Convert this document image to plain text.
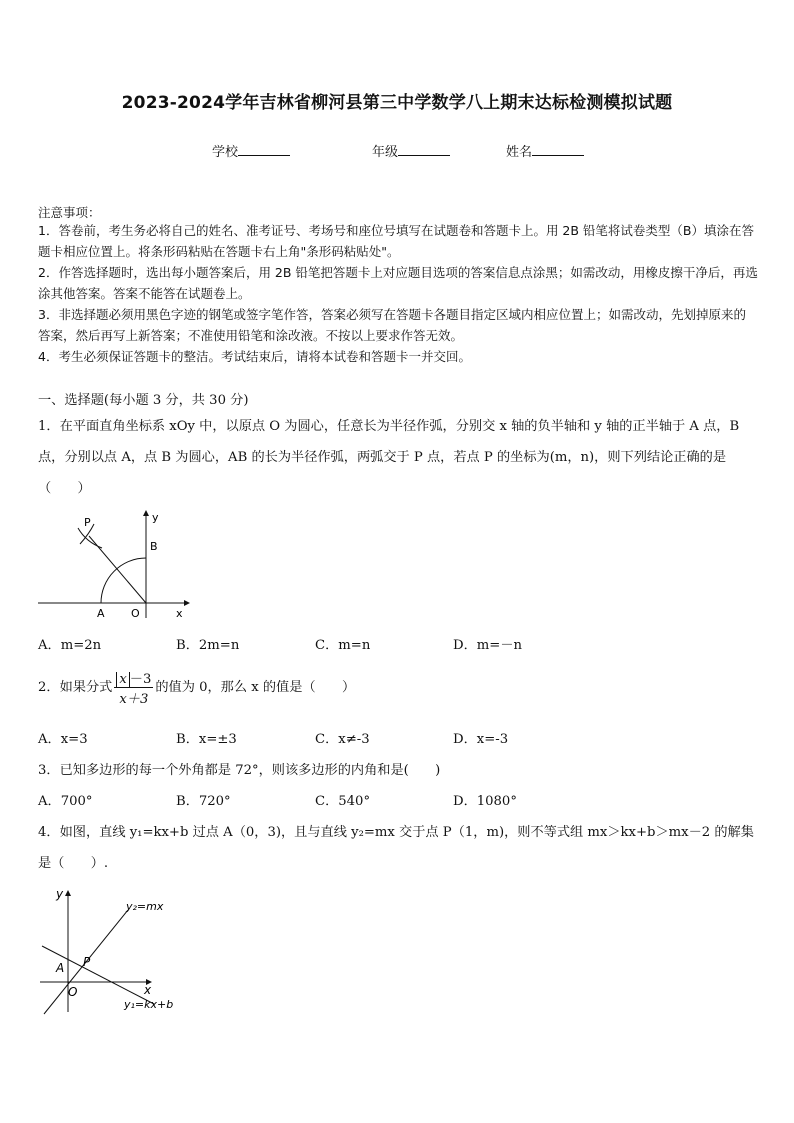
2023-2024学年吉林省柳河县第三中学数学八上期末达标检测模拟试题
学校	年级	姓名
注意事项：
1．答卷前，考生务必将自己的姓名、准考证号、考场号和座位号填写在试题卷和答题卡上。用 2B 铅笔将试卷类型（B）填涂在答题卡相应位置上。将条形码粘贴在答题卡右上角"条形码粘贴处"。
2．作答选择题时，选出每小题答案后，用 2B 铅笔把答题卡上对应题目选项的答案信息点涂黑；如需改动，用橡皮擦干净后，再选涂其他答案。答案不能答在试题卷上。
3．非选择题必须用黑色字迹的钢笔或签字笔作答，答案必须写在答题卡各题目指定区域内相应位置上；如需改动，先划掉原来的答案，然后再写上新答案；不准使用铅笔和涂改液。不按以上要求作答无效。
4．考生必须保证答题卡的整洁。考试结束后，请将本试卷和答题卡一并交回。
一、选择题(每小题 3 分，共 30 分)
1．在平面直角坐标系 xOy 中，以原点 O 为圆心，任意长为半径作弧，分别交 x 轴的负半轴和 y 轴的正半轴于 A 点，B
点，分别以点 A，点 B 为圆心，AB 的长为半径作弧，两弧交于 P 点，若点 P 的坐标为(m，n)，则下列结论正确的是
（　　）
P	y
B
A O	x
A．m=2n	B．2m=n	C．m=n	D．m=－n
2．如果分式 $\frac{x -3}{x+3}$ 的值为 0，那么 x 的值是（　　）
A．x=3	B．x=±3	C．x≠-3	D．x=-3
3．已知多边形的每一个外角都是 72°，则该多边形的内角和是(　　)
A．700°	B．720°	C．540°	D．1080°
4．如图，直线 y₁=kx+b 过点 A（0，3)，且与直线 y₂=mx 交于点 P（1，m)，则不等式组 mx＞kx+b＞mx－2 的解集
是（　　）.
y
y₂=mx
A P
x
O
y₁=kx+b
